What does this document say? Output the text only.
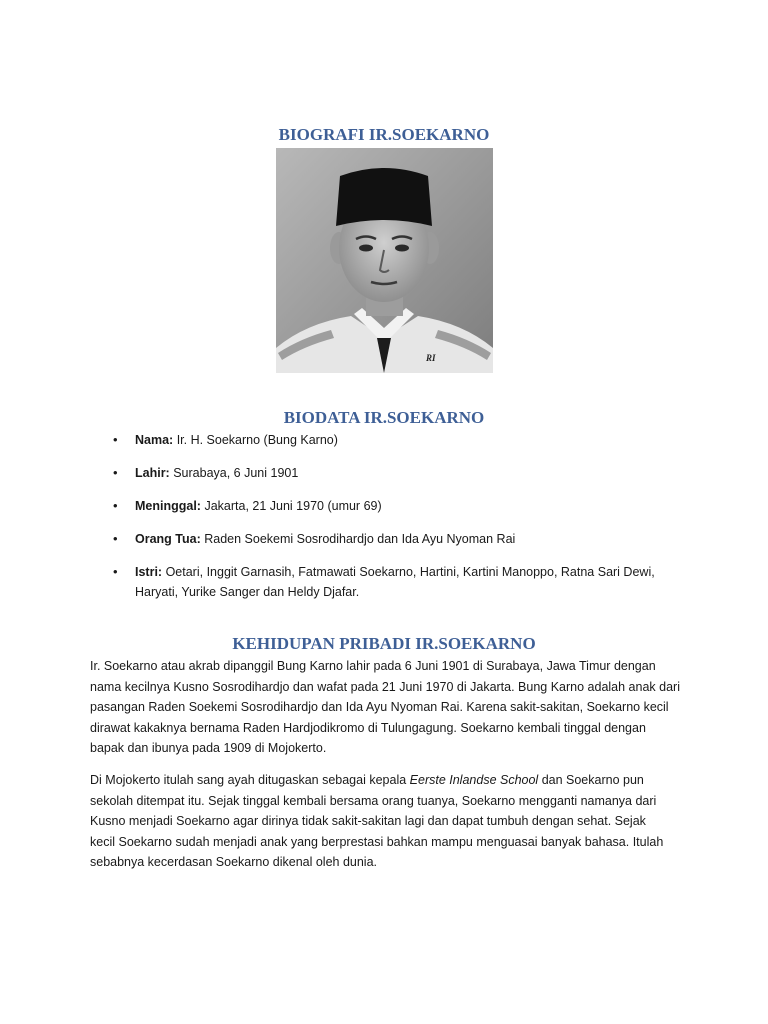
BIOGRAFI IR.SOEKARNO
RI
BIODATA IR.SOEKARNO
• Nama: Ir. H. Soekarno (Bung Karno)
• Lahir: Surabaya, 6 Juni 1901
• Meninggal: Jakarta, 21 Juni 1970 (umur 69)
• Orang Tua: Raden Soekemi Sosrodihardjo dan Ida Ayu Nyoman Rai
• Istri: Oetari, Inggit Garnasih, Fatmawati Soekarno, Hartini, Kartini Manoppo, Ratna Sari Dewi,
Haryati, Yurike Sanger dan Heldy Djafar.
KEHIDUPAN PRIBADI IR.SOEKARNO

Ir. Soekarno atau akrab dipanggil Bung Karno lahir pada 6 Juni 1901 di Surabaya, Jawa Timur dengan
nama kecilnya Kusno Sosrodihardjo dan wafat pada 21 Juni 1970 di Jakarta. Bung Karno adalah anak dari
pasangan Raden Soekemi Sosrodihardjo dan Ida Ayu Nyoman Rai. Karena sakit-sakitan, Soekarno kecil
dirawat kakaknya bernama Raden Hardjodikromo di Tulungagung. Soekarno kembali tinggal dengan
bapak dan ibunya pada 1909 di Mojokerto.

Di Mojokerto itulah sang ayah ditugaskan sebagai kepala Eerste Inlandse School dan Soekarno pun
sekolah ditempat itu. Sejak tinggal kembali bersama orang tuanya, Soekarno mengganti namanya dari
Kusno menjadi Soekarno agar dirinya tidak sakit-sakitan lagi dan dapat tumbuh dengan sehat. Sejak
kecil Soekarno sudah menjadi anak yang berprestasi bahkan mampu menguasai banyak bahasa. Itulah
sebabnya kecerdasan Soekarno dikenal oleh dunia.
